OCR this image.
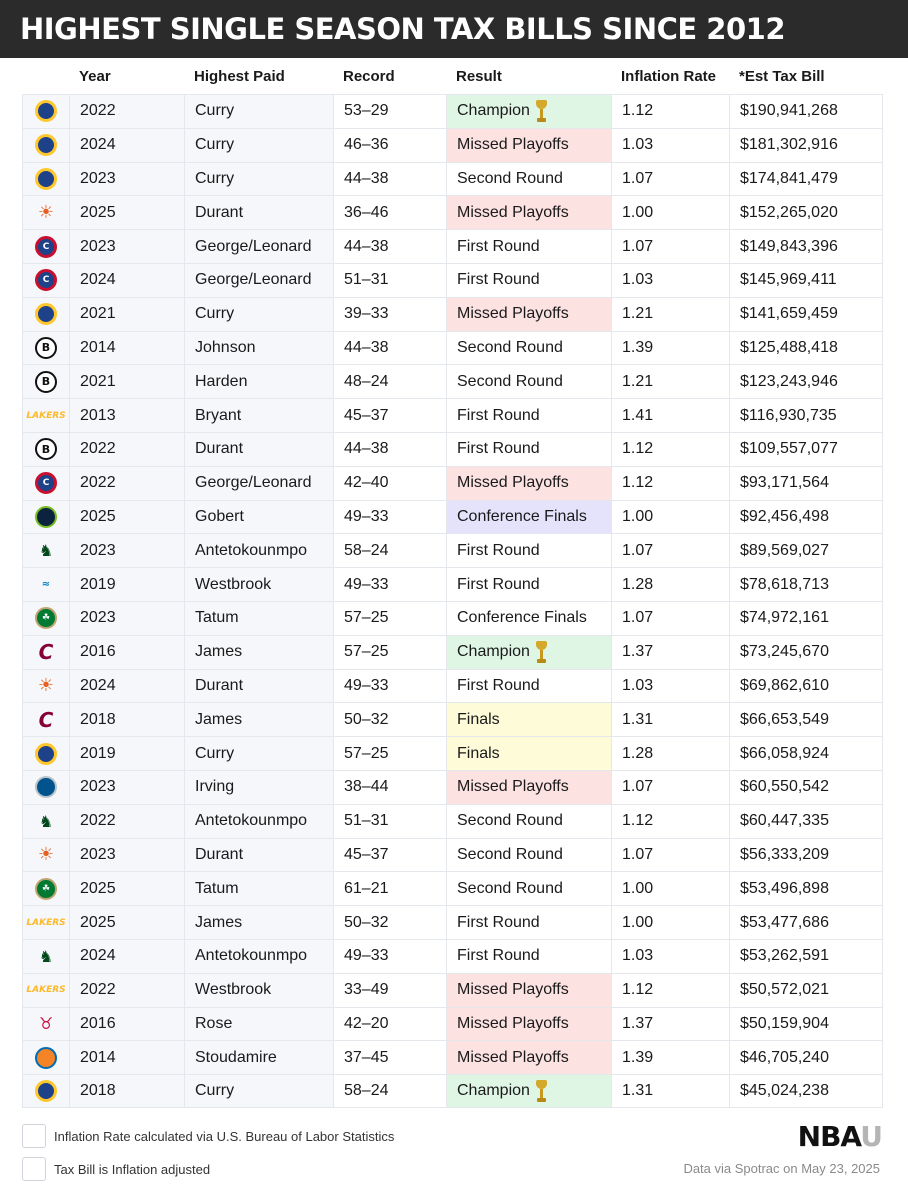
HIGHEST SINGLE SEASON TAX BILLS SINCE 2012
Year	Highest Paid	Record	Result	Inflation Rate	*Est Tax Bill
2022	Curry	53–29	Champion	1.12	$190,941,268
2024	Curry	46–36	Missed Playoffs	1.03	$181,302,916
2023	Curry	44–38	Second Round	1.07	$174,841,479
☀ 2025	Durant	36–46	Missed Playoffs	1.00	$152,265,020
C	2023	George/Leonard 44–38	First Round	1.07	$149,843,396
C	2024	George/Leonard 51–31	First Round	1.03	$145,969,411
2021	Curry	39–33	Missed Playoffs	1.21	$141,659,459
B	2014	Johnson	44–38	Second Round	1.39	$125,488,418
B	2021	Harden	48–24	Second Round	1.21	$123,243,946
LAKERS 2013	Bryant	45–37	First Round	1.41	$116,930,735
B	2022	Durant	44–38	First Round	1.12	$109,557,077
C	2022	George/Leonard 42–40	Missed Playoffs	1.12	$93,171,564
2025	Gobert	49–33	Conference Finals 1.00	$92,456,498
♞ 2023	Antetokounmpo 58–24	First Round	1.07	$89,569,027
≈	2019	Westbrook	49–33	First Round	1.28	$78,618,713
☘	2023	Tatum	57–25	Conference Finals 1.07	$74,972,161
C 2016	James	57–25	Champion	1.37	$73,245,670
☀ 2024	Durant	49–33	First Round	1.03	$69,862,610
C 2018	James	50–32	Finals	1.31	$66,653,549
2019	Curry	57–25	Finals	1.28	$66,058,924
2023	Irving	38–44	Missed Playoffs	1.07	$60,550,542
♞ 2022	Antetokounmpo 51–31	Second Round	1.12	$60,447,335
☀ 2023	Durant	45–37	Second Round	1.07	$56,333,209
☘	2025	Tatum	61–21	Second Round	1.00	$53,496,898
LAKERS 2025	James	50–32	First Round	1.00	$53,477,686
♞ 2024	Antetokounmpo 49–33	First Round	1.03	$53,262,591
LAKERS 2022	Westbrook	33–49	Missed Playoffs	1.12	$50,572,021
♉ 2016	Rose	42–20	Missed Playoffs	1.37	$50,159,904
2014	Stoudamire	37–45	Missed Playoffs	1.39	$46,705,240
2018	Curry	58–24	Champion	1.31	$45,024,238
Inflation Rate calculated via U.S. Bureau of Labor Statistics
Tax Bill is Inflation adjusted
NBAU
Data via Spotrac on May 23, 2025
